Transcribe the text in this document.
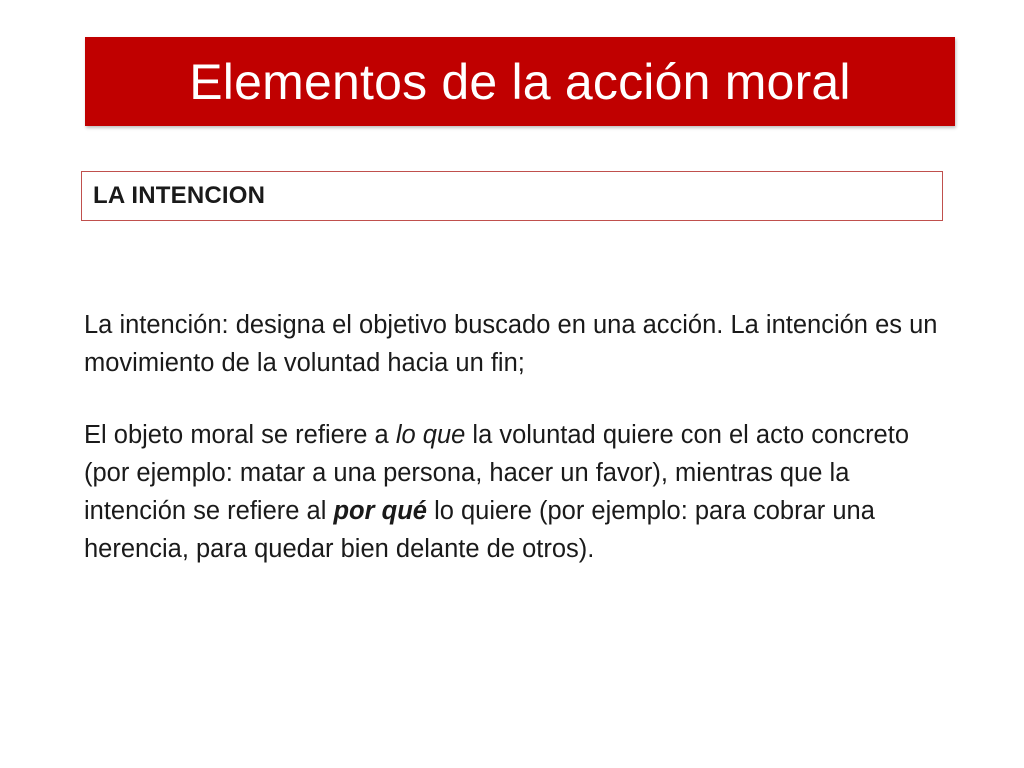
Elementos de la acción moral
LA INTENCION

La intención: designa el objetivo buscado en una acción. La intención es un movimiento de la voluntad hacia un fin;

El objeto moral se refiere a lo que la voluntad quiere con el acto concreto (por ejemplo: matar a una persona, hacer un favor), mientras que la intención se refiere al por qué lo quiere (por ejemplo: para cobrar una herencia, para quedar bien delante de otros).
